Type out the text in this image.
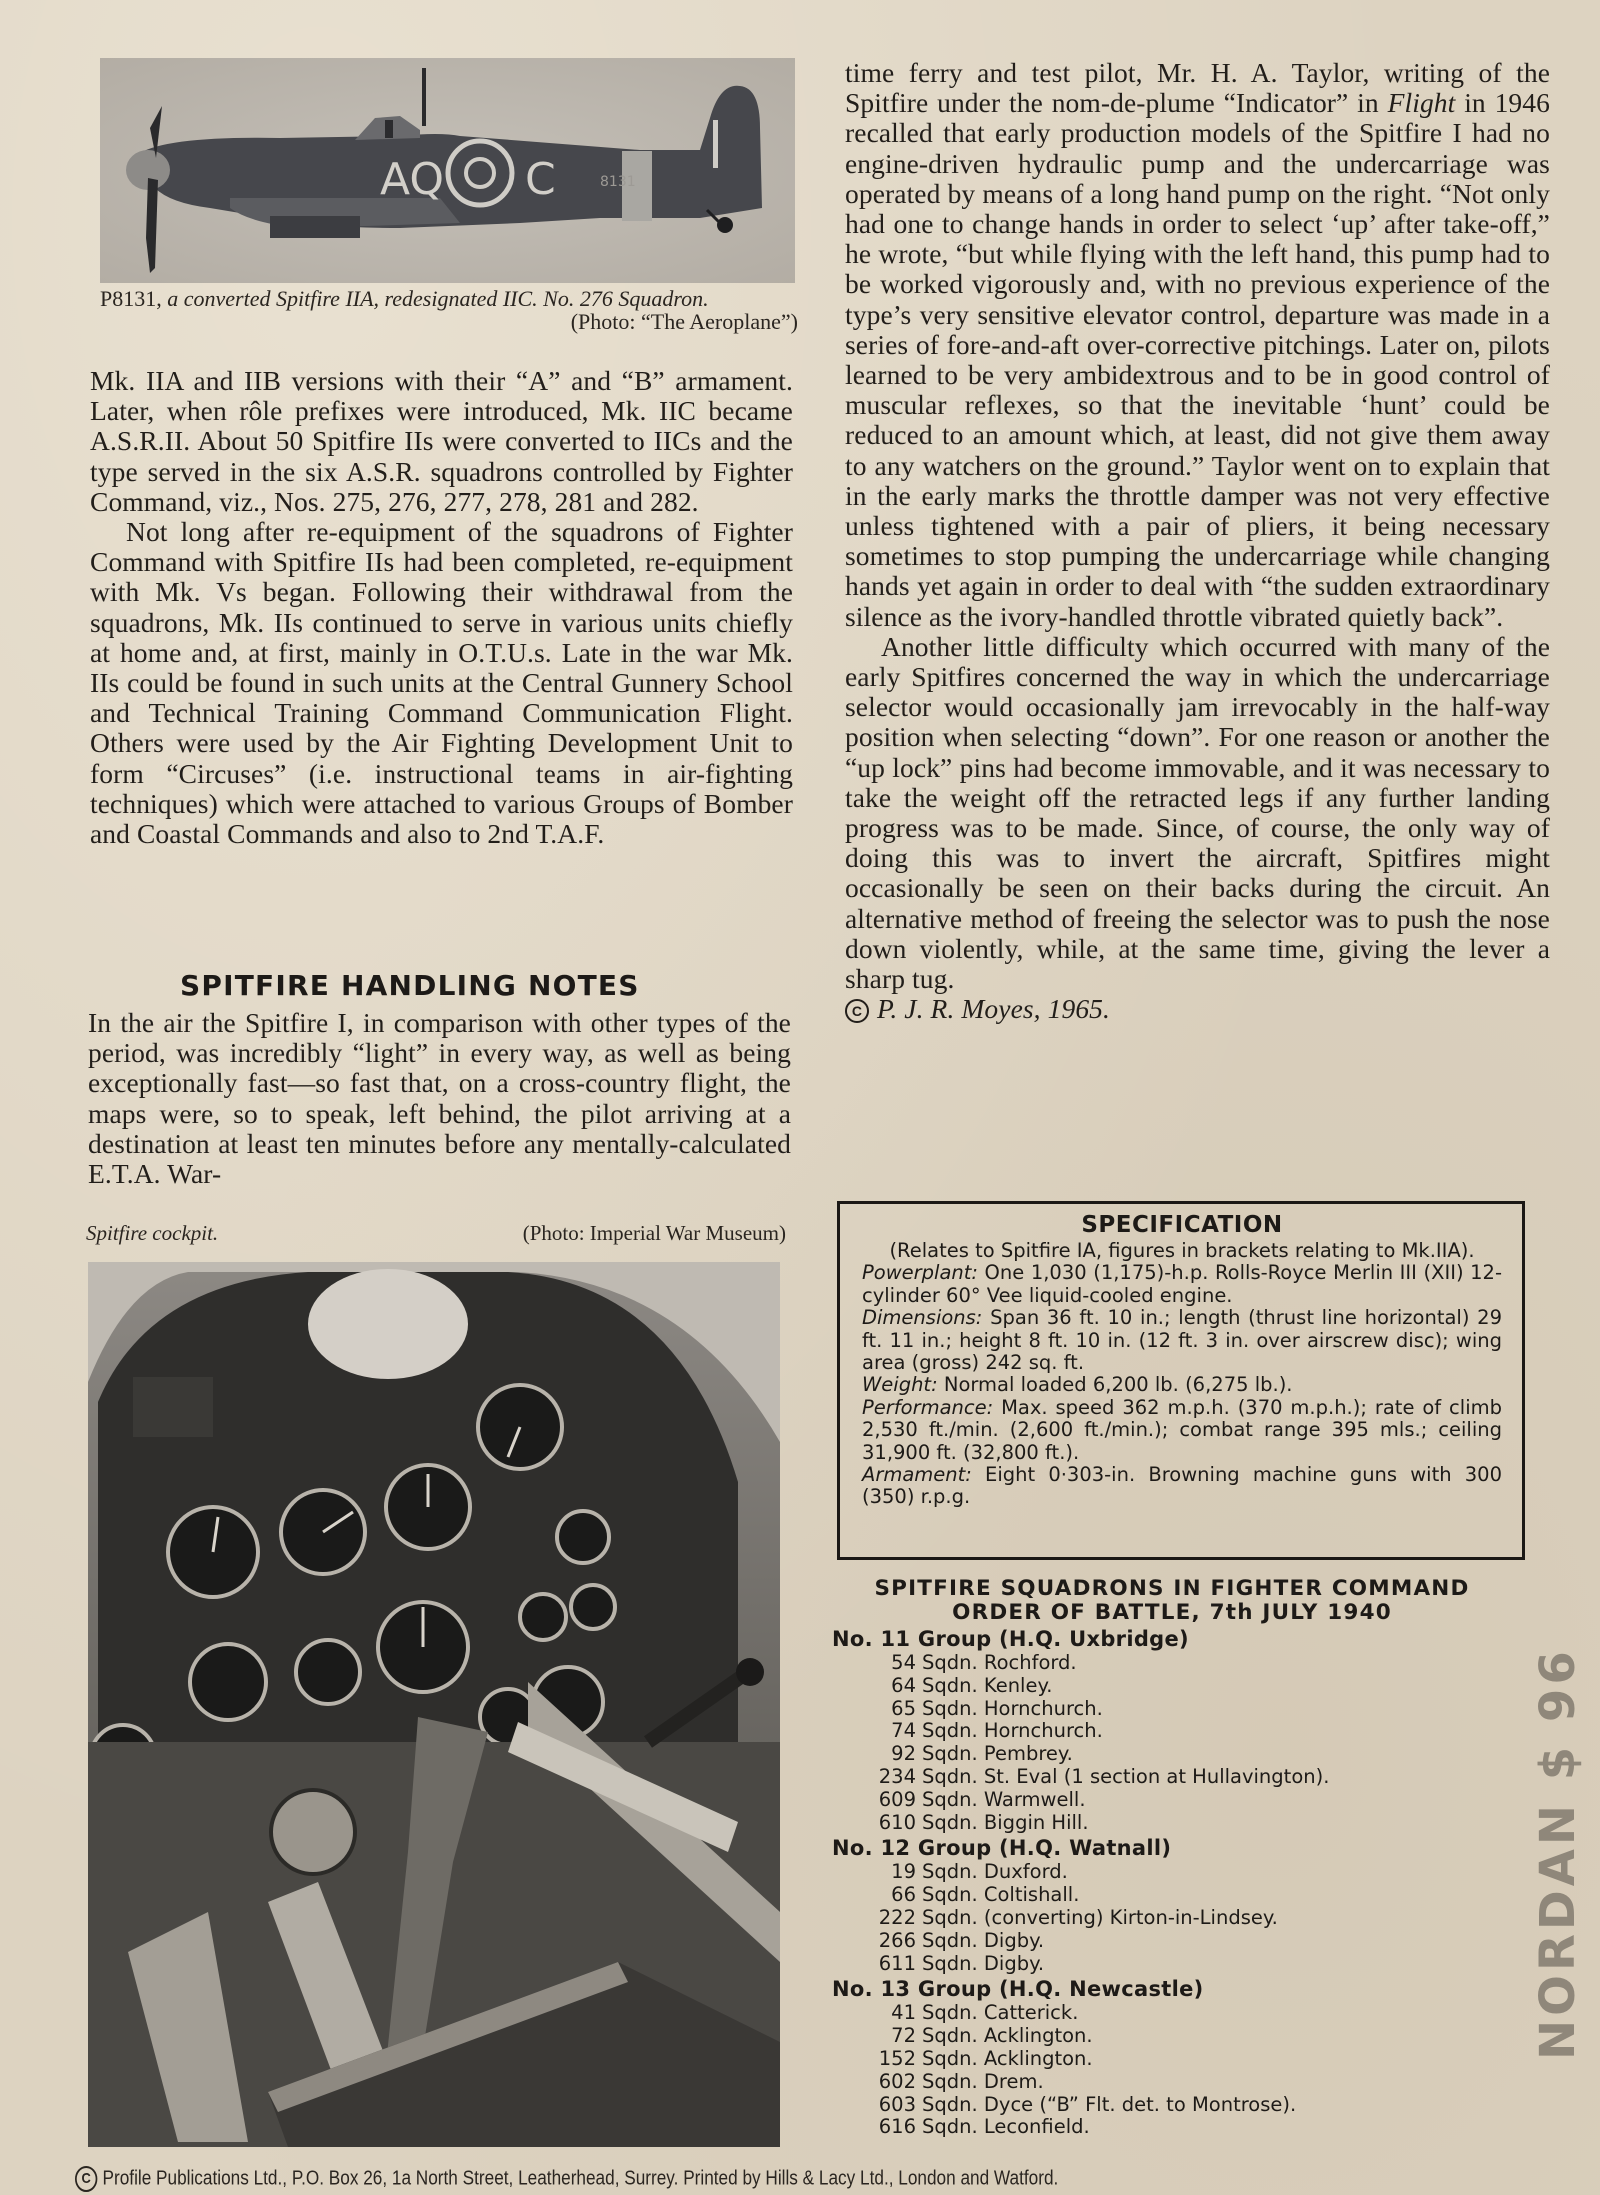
AQ C	8131
P8131, a converted Spitfire IIA, redesignated IIC. No. 276 Squadron.
(Photo: “The Aeroplane”)

Mk. IIA and IIB versions with their “A” and “B” armament. Later, when rôle prefixes were introduced, Mk. IIC became A.S.R.II. About 50 Spitfire IIs were converted to IICs and the type served in the six A.S.R. squadrons controlled by Fighter Command, viz., Nos. 275, 276, 277, 278, 281 and 282.

Not long after re-equipment of the squadrons of Fighter Command with Spitfire IIs had been completed, re-equipment with Mk. Vs began. Following their withdrawal from the squadrons, Mk. IIs continued to serve in various units chiefly at home and, at first, mainly in O.T.U.s. Late in the war Mk. IIs could be found in such units at the Central Gunnery School and Technical Training Command Communication Flight. Others were used by the Air Fighting Development Unit to form “Circuses” (i.e. instructional teams in air-fighting techniques) which were attached to various Groups of Bomber and Coastal Commands and also to 2nd T.A.F.

SPITFIRE HANDLING NOTES

In the air the Spitfire I, in comparison with other types of the period, was incredibly “light” in every way, as well as being exceptionally fast—so fast that, on a cross-country flight, the maps were, so to speak, left behind, the pilot arriving at a destination at least ten minutes before any mentally-calculated E.T.A. War-

Spitfire cockpit.	(Photo: Imperial War Museum)

time ferry and test pilot, Mr. H. A. Taylor, writing of the Spitfire under the nom-de-plume “Indicator” in Flight in 1946 recalled that early production models of the Spitfire I had no engine-driven hydraulic pump and the undercarriage was operated by means of a long hand pump on the right. “Not only had one to change hands in order to select ‘up’ after take-off,” he wrote, “but while flying with the left hand, this pump had to be worked vigorously and, with no previous experience of the type’s very sensitive elevator control, departure was made in a series of fore-and-aft over-corrective pitchings. Later on, pilots learned to be very ambidextrous and to be in good control of muscular reflexes, so that the inevitable ‘hunt’ could be reduced to an amount which, at least, did not give them away to any watchers on the ground.” Taylor went on to explain that in the early marks the throttle damper was not very effective unless tightened with a pair of pliers, it being necessary sometimes to stop pumping the undercarriage while changing hands yet again in order to deal with “the sudden extraordinary silence as the ivory-handled throttle vibrated quietly back”.

Another little difficulty which occurred with many of the early Spitfires concerned the way in which the undercarriage selector would occasionally jam irrevocably in the half-way position when selecting “down”. For one reason or another the “up lock” pins had become immovable, and it was necessary to take the weight off the retracted legs if any further landing progress was to be made. Since, of course, the only way of doing this was to invert the aircraft, Spitfires might occasionally be seen on their backs during the circuit. An alternative method of freeing the selector was to push the nose down violently, while, at the same time, giving the lever a sharp tug.

C P. J. R. Moyes, 1965.

SPECIFICATION
(Relates to Spitfire IA, figures in brackets relating to Mk.IIA).

Powerplant: One 1,030 (1,175)-h.p. Rolls-Royce Merlin III (XII) 12-cylinder 60° Vee liquid-cooled engine.

Dimensions: Span 36 ft. 10 in.; length (thrust line horizontal) 29 ft. 11 in.; height 8 ft. 10 in. (12 ft. 3 in. over airscrew disc); wing area (gross) 242 sq. ft.

Weight: Normal loaded 6,200 lb. (6,275 lb.).

Performance: Max. speed 362 m.p.h. (370 m.p.h.); rate of climb 2,530 ft./min. (2,600 ft./min.); combat range 395 mls.; ceiling 31,900 ft. (32,800 ft.).

Armament: Eight 0·303-in. Browning machine guns with 300 (350) r.p.g.

SPITFIRE SQUADRONS IN FIGHTER COMMAND
ORDER OF BATTLE, 7th JULY 1940
No. 11 Group (H.Q. Uxbridge)
54 Sqdn. Rochford.
64 Sqdn. Kenley.
65 Sqdn. Hornchurch.
74 Sqdn. Hornchurch.
92 Sqdn. Pembrey.
234 Sqdn. St. Eval (1 section at Hullavington).
609 Sqdn. Warmwell.
610 Sqdn. Biggin Hill.
No. 12 Group (H.Q. Watnall)
19 Sqdn. Duxford.
66 Sqdn. Coltishall.
222 Sqdn. (converting) Kirton-in-Lindsey.
266 Sqdn. Digby.
611 Sqdn. Digby.
No. 13 Group (H.Q. Newcastle)
41 Sqdn. Catterick.
72 Sqdn. Acklington.
152 Sqdn. Acklington.
602 Sqdn. Drem.
603 Sqdn. Dyce (“B” Flt. det. to Montrose).
616 Sqdn. Leconfield.
NORDAN $ 96
C Profile Publications Ltd., P.O. Box 26, 1a North Street, Leatherhead, Surrey. Printed by Hills & Lacy Ltd., London and Watford.
